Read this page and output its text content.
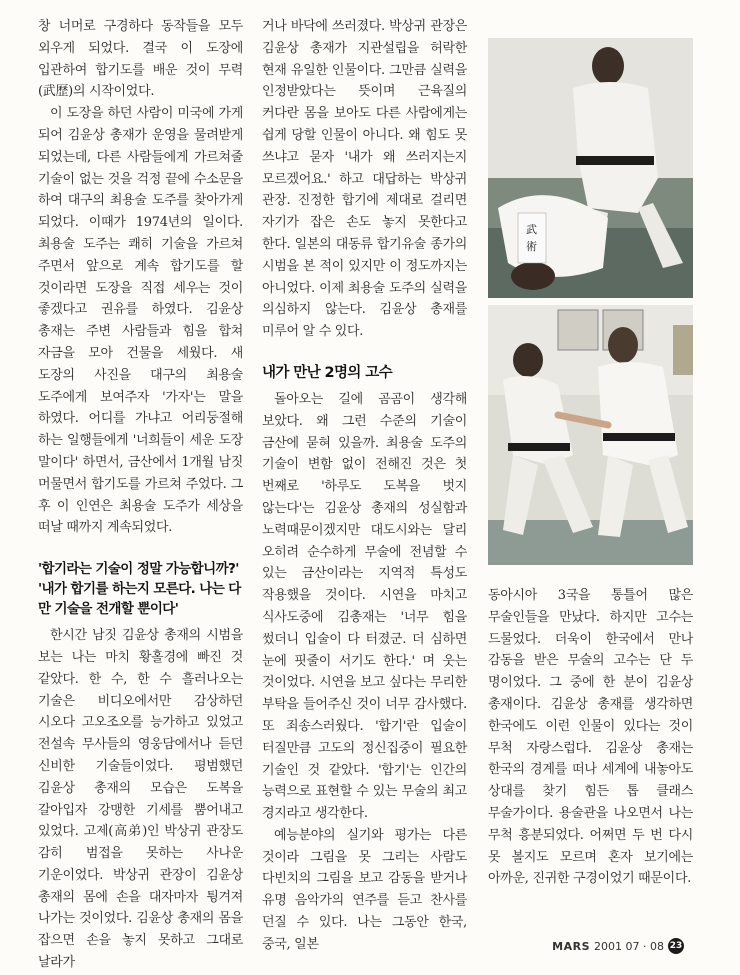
창 너머로 구경하다 동작들을 모두 외우게 되었다. 결국 이 도장에 입관하여 합기도를 배운 것이 무력(武歷)의 시작이었다.

이 도장을 하던 사람이 미국에 가게 되어 김윤상 총재가 운영을 물려받게 되었는데, 다른 사람들에게 가르쳐줄 기술이 없는 것을 걱정 끝에 수소문을 하여 대구의 최용술 도주를 찾아가게 되었다. 이때가 1974년의 일이다. 최용술 도주는 쾌히 기술을 가르쳐 주면서 앞으로 계속 합기도를 할 것이라면 도장을 직접 세우는 것이 좋겠다고 권유를 하였다. 김윤상 총재는 주변 사람들과 힘을 합쳐 자금을 모아 건물을 세웠다. 새 도장의 사진을 대구의 최용술 도주에게 보여주자 '가자'는 말을 하였다. 어디를 가냐고 어리둥절해 하는 일행들에게 '너희들이 세운 도장 말이다' 하면서, 금산에서 1개월 남짓 머물면서 합기도를 가르쳐 주었다. 그 후 이 인연은 최용술 도주가 세상을 떠날 때까지 계속되었다.

'합기라는 기술이 정말 가능합니까?' '내가 합기를 하는지 모른다. 나는 다만 기술을 전개할 뿐이다'

한시간 남짓 김윤상 총재의 시범을 보는 나는 마치 황홀경에 빠진 것 같았다. 한 수, 한 수 흘러나오는 기술은 비디오에서만 감상하던 시오다 고오조오를 능가하고 있었고 전설속 무사들의 영웅담에서나 듣던 신비한 기술들이었다. 평범했던 김윤상 총재의 모습은 도복을 갈아입자 강맹한 기세를 뿜어내고 있었다. 고제(高弟)인 박상귀 관장도 감히 범접을 못하는 사나운 기운이었다. 박상귀 관장이 김윤상 총재의 몸에 손을 대자마자 튕겨져 나가는 것이었다. 김윤상 총재의 몸을 잡으면 손을 놓지 못하고 그대로 날라가

거나 바닥에 쓰러졌다. 박상귀 관장은 김윤상 총재가 지관설립을 허락한 현재 유일한 인물이다. 그만큼 실력을 인정받았다는 뜻이며 근육질의 커다란 몸을 보아도 다른 사람에게는 쉽게 당할 인물이 아니다. 왜 힘도 못 쓰냐고 묻자 '내가 왜 쓰러지는지 모르겠어요.' 하고 대답하는 박상귀 관장. 진정한 합기에 제대로 걸리면 자기가 잡은 손도 놓지 못한다고 한다. 일본의 대동류 합기유술 종가의 시범을 본 적이 있지만 이 정도까지는 아니었다. 이제 최용술 도주의 실력을 의심하지 않는다. 김윤상 총재를 미루어 알 수 있다.

내가 만난 2명의 고수

돌아오는 길에 곰곰이 생각해 보았다. 왜 그런 수준의 기술이 금산에 묻혀 있을까. 최용술 도주의 기술이 변함 없이 전해진 것은 첫 번째로 '하루도 도복을 벗지 않는다'는 김윤상 총재의 성실함과 노력때문이겠지만 대도시와는 달리 오히려 순수하게 무술에 전념할 수 있는 금산이라는 지역적 특성도 작용했을 것이다. 시연을 마치고 식사도중에 김총재는 '너무 힘을 썼더니 입술이 다 터졌군. 더 심하면 눈에 핏줄이 서기도 한다.' 며 웃는 것이었다. 시연을 보고 싶다는 무리한 부탁을 들어주신 것이 너무 감사했다. 또 죄송스러웠다. '합기'란 입술이 터질만큼 고도의 정신집중이 필요한 기술인 것 같았다. '합기'는 인간의 능력으로 표현할 수 있는 무술의 최고 경지라고 생각한다.

예능분야의 실기와 평가는 다른 것이라 그림을 못 그리는 사람도 다빈치의 그림을 보고 감동을 받거나 유명 음악가의 연주를 듣고 찬사를 던질 수 있다. 나는 그동안 한국, 중국, 일본

武
術

동아시아 3국을 통틀어 많은 무술인들을 만났다. 하지만 고수는 드물었다. 더욱이 한국에서 만나 감동을 받은 무술의 고수는 단 두 명이었다. 그 중에 한 분이 김윤상 총재이다. 김윤상 총재를 생각하면 한국에도 이런 인물이 있다는 것이 무척 자랑스럽다. 김윤상 총재는 한국의 경계를 떠나 세계에 내놓아도 상대를 찾기 힘든 톱 클래스 무술가이다. 용술관을 나오면서 나는 무척 흥분되었다. 어쩌면 두 번 다시 못 볼지도 모르며 혼자 보기에는 아까운, 진귀한 구경이었기 때문이다.

MARS 2001 07 · 08 23
